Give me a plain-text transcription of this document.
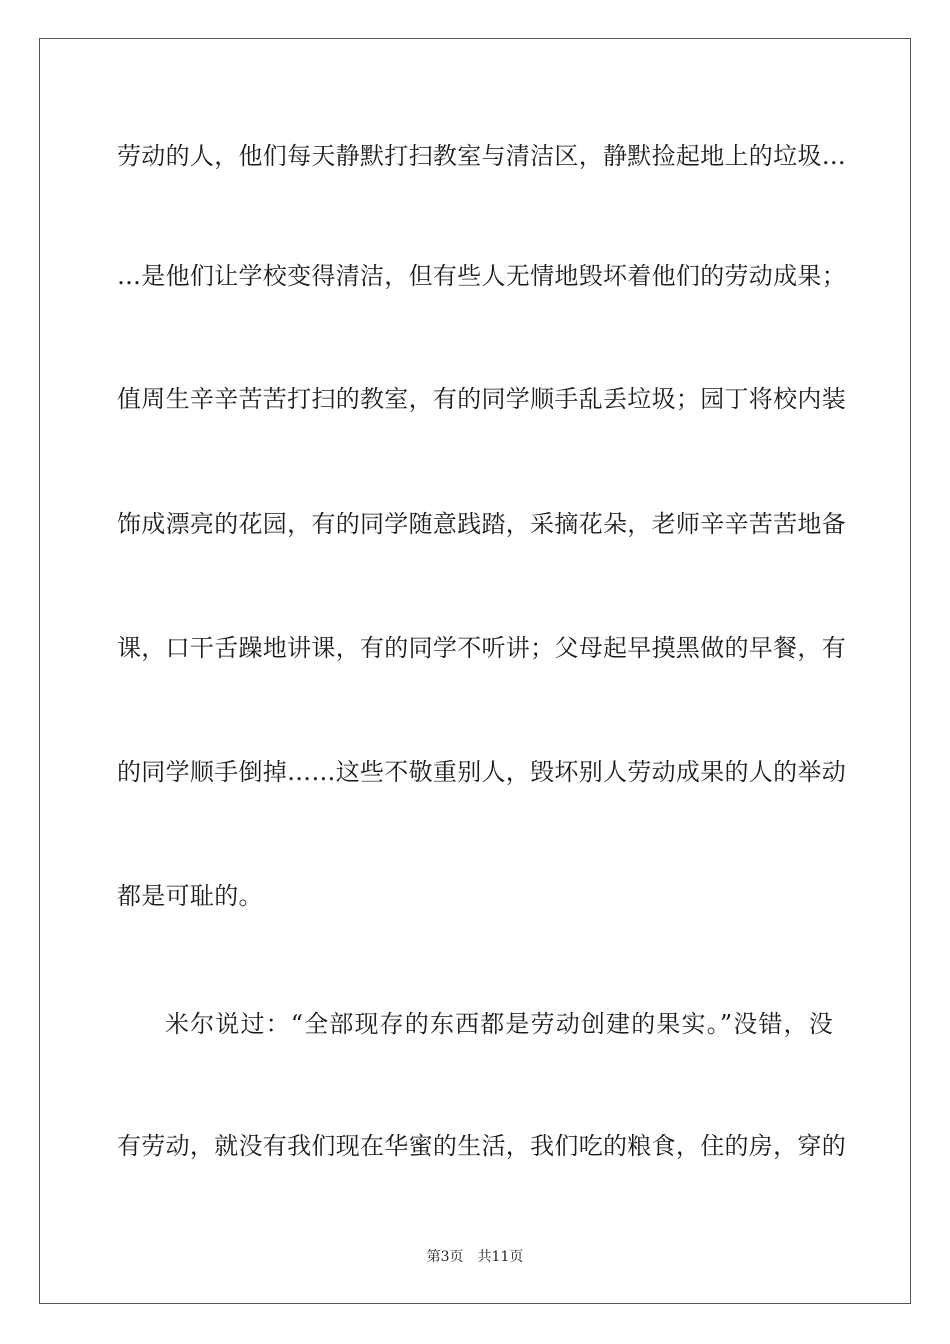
劳动的人，他们每天静默打扫教室与清洁区，静默捡起地上的垃圾…
…是他们让学校变得清洁，但有些人无情地毁坏着他们的劳动成果；
值周生辛辛苦苦打扫的教室，有的同学顺手乱丢垃圾；园丁将校内装
饰成漂亮的花园，有的同学随意践踏，采摘花朵，老师辛辛苦苦地备
课，口干舌躁地讲课，有的同学不听讲；父母起早摸黑做的早餐，有
的同学顺手倒掉……这些不敬重别人，毁坏别人劳动成果的人的举动
都是可耻的。
米尔说过：“全部现存的东西都是劳动创建的果实。”没错，没
有劳动，就没有我们现在华蜜的生活，我们吃的粮食，住的房，穿的
第3页 共11页
